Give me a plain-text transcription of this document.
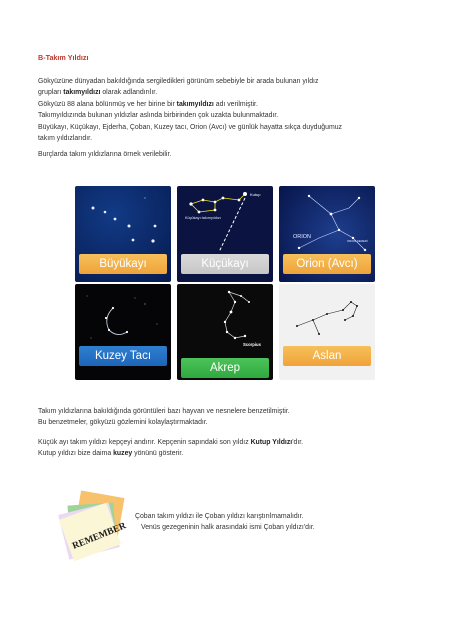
B-Takım Yıldızı
Gökyüzüne dünyadan bakıldığında sergiledikleri görünüm sebebiyle bir arada bulunan yıldız
grupları takımyıldızı olarak adlandırılır.
Gökyüzü 88 alana bölünmüş ve her birine bir takımyıldızı adı verilmiştir.
Takımyıldızında bulunan yıldızlar aslında birbirinden çok uzakta bulunmaktadır.
Büyükayı, Küçükayı, Ejderha, Çoban, Kuzey tacı, Orion (Avcı) ve günlük hayatta sıkça duyduğumuz
takım yıldızlarıdır.
Burçlarda takım yıldızlarına örnek verilebilir.
Büyükayı
Kutup
Küçükayı takımyıldızı
Küçükayı
ORION
ORION KEMERİ
Orion (Avcı)
Kuzey Tacı
Scorpius
Akrep
Aslan
Takım yıldızlarına bakıldığında görüntüleri bazı hayvan ve nesnelere benzetilmiştir.
Bu benzetmeler, gökyüzü gözlemini kolaylaştırmaktadır.
Küçük ayı takım yıldızı kepçeyi andırır. Kepçenin sapındaki son yıldız Kutup Yıldızı'dır.
Kutup yıldızı bize daima kuzey yönünü gösterir.
REMEMBER
Çoban takım yıldızı ile Çoban yıldızı karıştırılmamalıdır.
Venüs gezegeninin halk arasındaki ismi Çoban yıldızı'dır.
